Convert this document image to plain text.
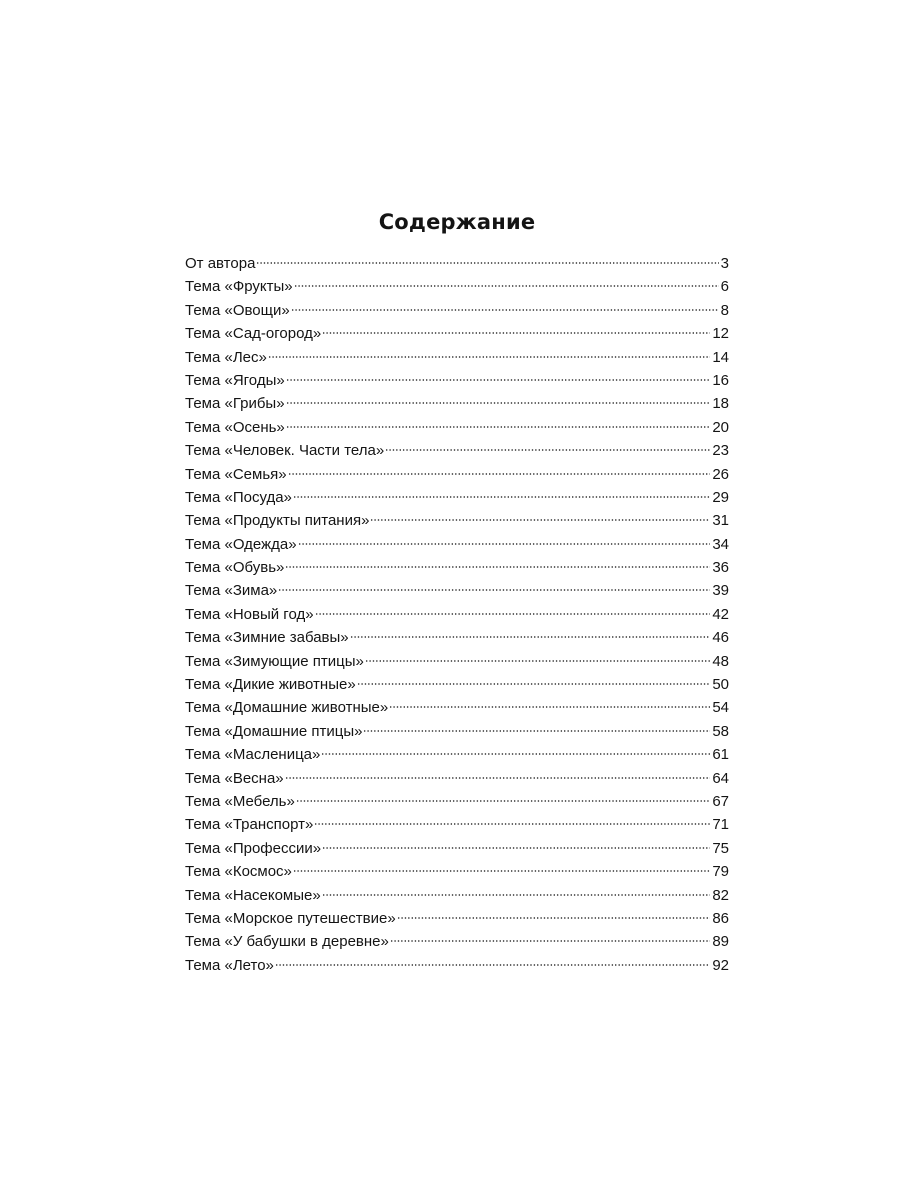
Содержание
От автора	3
Тема «Фрукты»	6
Тема «Овощи»	8
Тема «Сад-огород»	12
Тема «Лес»	14
Тема «Ягоды»	16
Тема «Грибы»	18
Тема «Осень»	20
Тема «Человек. Части тела»	23
Тема «Семья»	26
Тема «Посуда»	29
Тема «Продукты питания»	31
Тема «Одежда»	34
Тема «Обувь»	36
Тема «Зима»	39
Тема «Новый год»	42
Тема «Зимние забавы»	46
Тема «Зимующие птицы»	48
Тема «Дикие животные»	50
Тема «Домашние животные»	54
Тема «Домашние птицы»	58
Тема «Масленица»	61
Тема «Весна»	64
Тема «Мебель»	67
Тема «Транспорт»	71
Тема «Профессии»	75
Тема «Космос»	79
Тема «Насекомые»	82
Тема «Морское путешествие»	86
Тема «У бабушки в деревне»	89
Тема «Лето»	92
